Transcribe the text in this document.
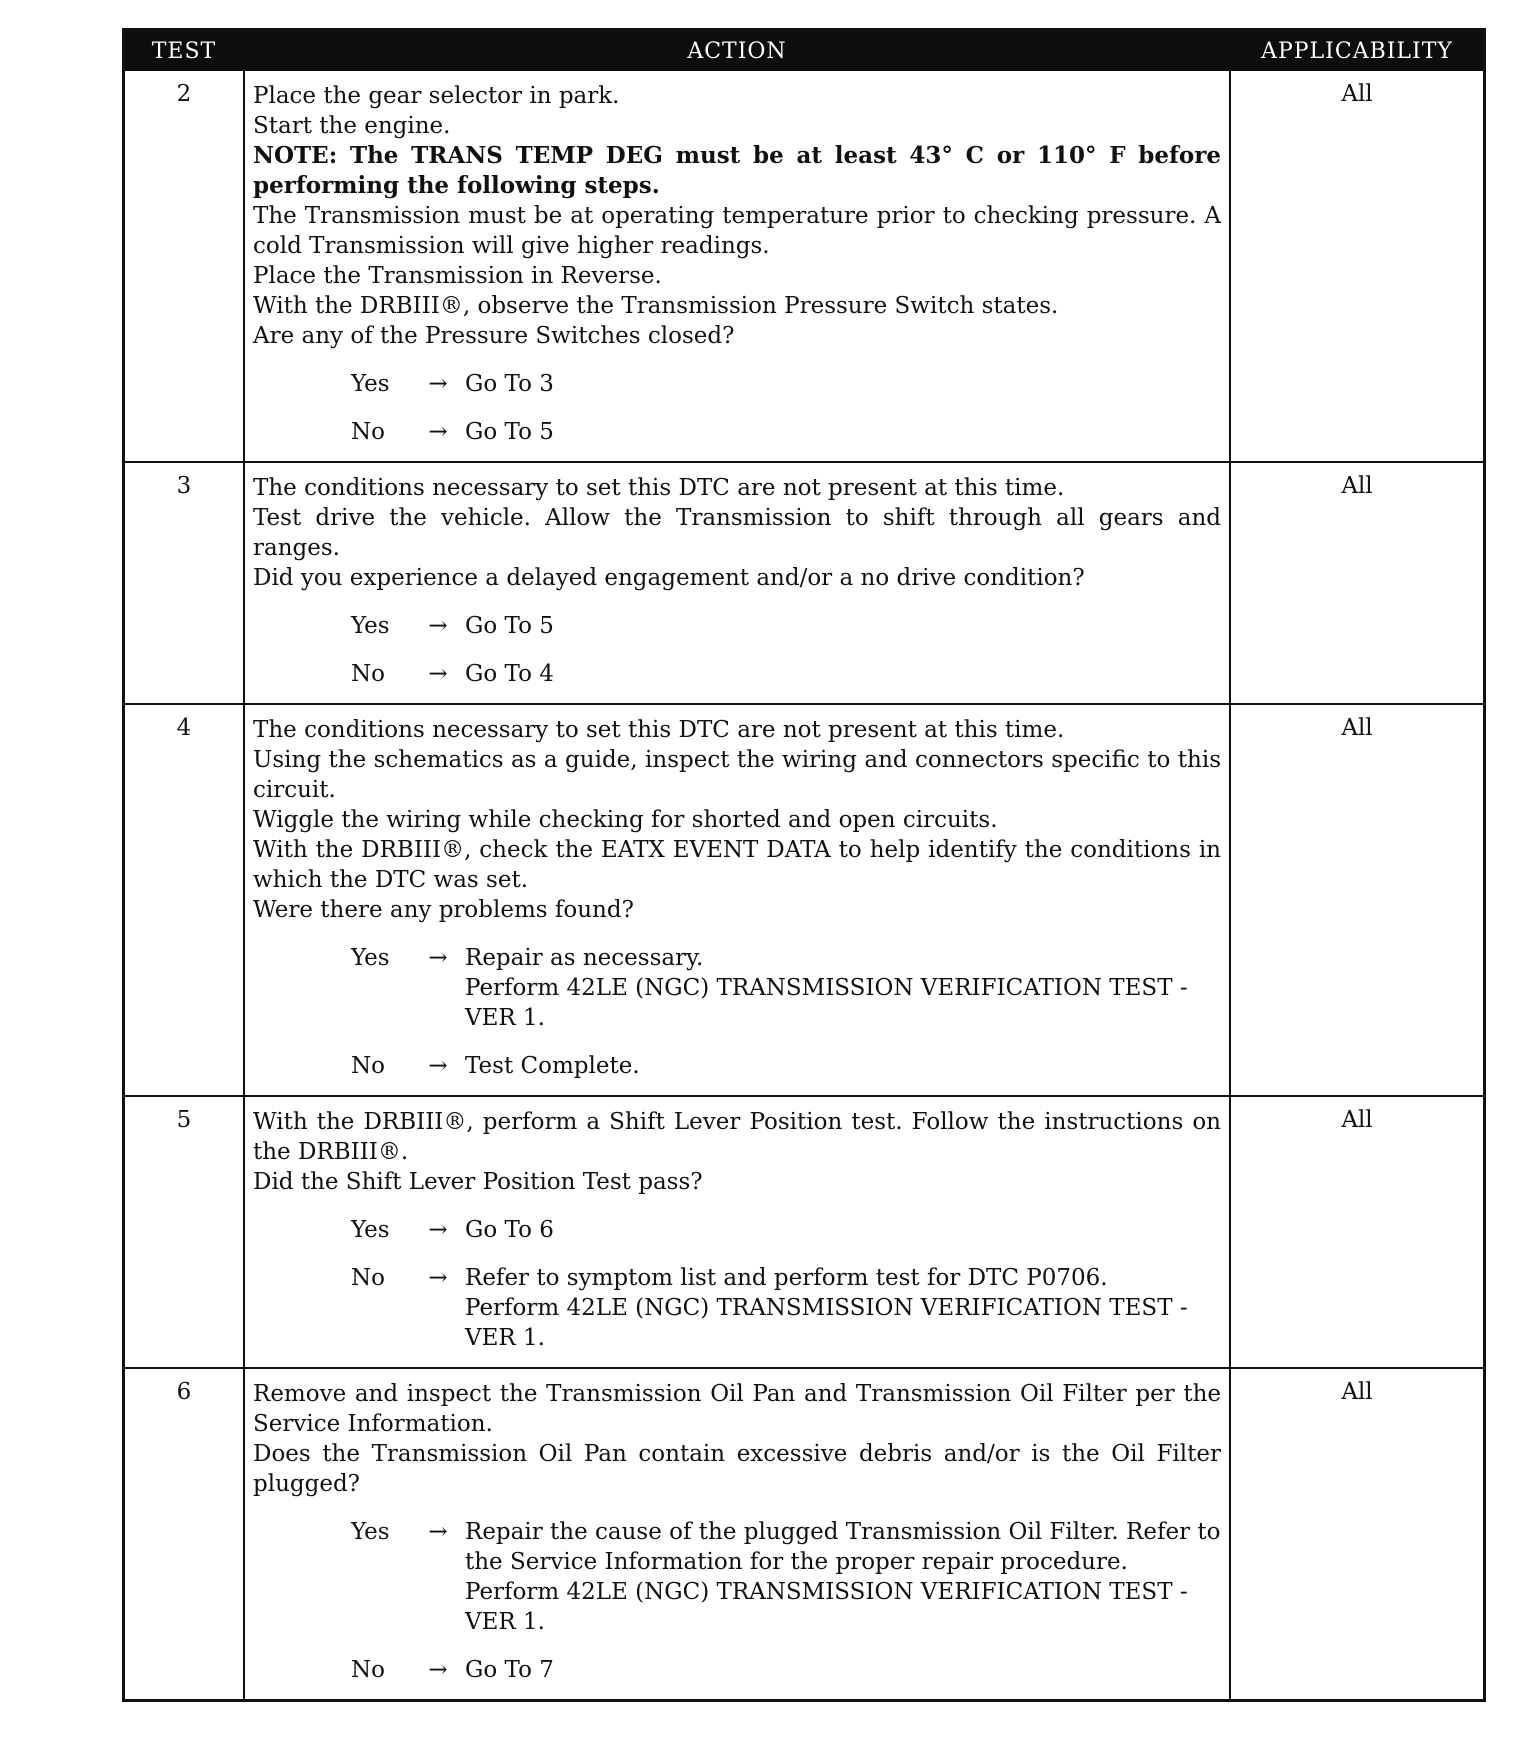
TEST	ACTION	APPLICABILITY
2	Place the gear selector in park.

Start the engine.

NOTE: The TRANS TEMP DEG must be at least 43° C or 110° F before performing the following steps.

The Transmission must be at operating temperature prior to checking pressure. A cold Transmission will give higher readings.

Place the Transmission in Reverse.

With the DRBIII®, observe the Transmission Pressure Switch states.

Are any of the Pressure Switches closed?

Yes	→ Go To 3
No	→ Go To 5
All
3	The conditions necessary to set this DTC are not present at this time.

Test drive the vehicle. Allow the Transmission to shift through all gears and ranges.

Did you experience a delayed engagement and/or a no drive condition?

Yes	→ Go To 5
No	→ Go To 4
All
4	The conditions necessary to set this DTC are not present at this time.

Using the schematics as a guide, inspect the wiring and connectors specific to this circuit.

Wiggle the wiring while checking for shorted and open circuits.

With the DRBIII®, check the EATX EVENT DATA to help identify the conditions in which the DTC was set.

Were there any problems found?

Yes	→ Repair as necessary.
Perform 42LE (NGC) TRANSMISSION VERIFICATION TEST - VER 1.
No	→ Test Complete.
All
5	With the DRBIII®, perform a Shift Lever Position test. Follow the instructions on the DRBIII®.

Did the Shift Lever Position Test pass?

Yes	→ Go To 6
No	→ Refer to symptom list and perform test for DTC P0706.
Perform 42LE (NGC) TRANSMISSION VERIFICATION TEST - VER 1.
All
6	Remove and inspect the Transmission Oil Pan and Transmission Oil Filter per the Service Information.

Does the Transmission Oil Pan contain excessive debris and/or is the Oil Filter plugged?

Yes	→ Repair the cause of the plugged Transmission Oil Filter. Refer to the Service Information for the proper repair procedure.
Perform 42LE (NGC) TRANSMISSION VERIFICATION TEST - VER 1.
No	→ Go To 7
All
